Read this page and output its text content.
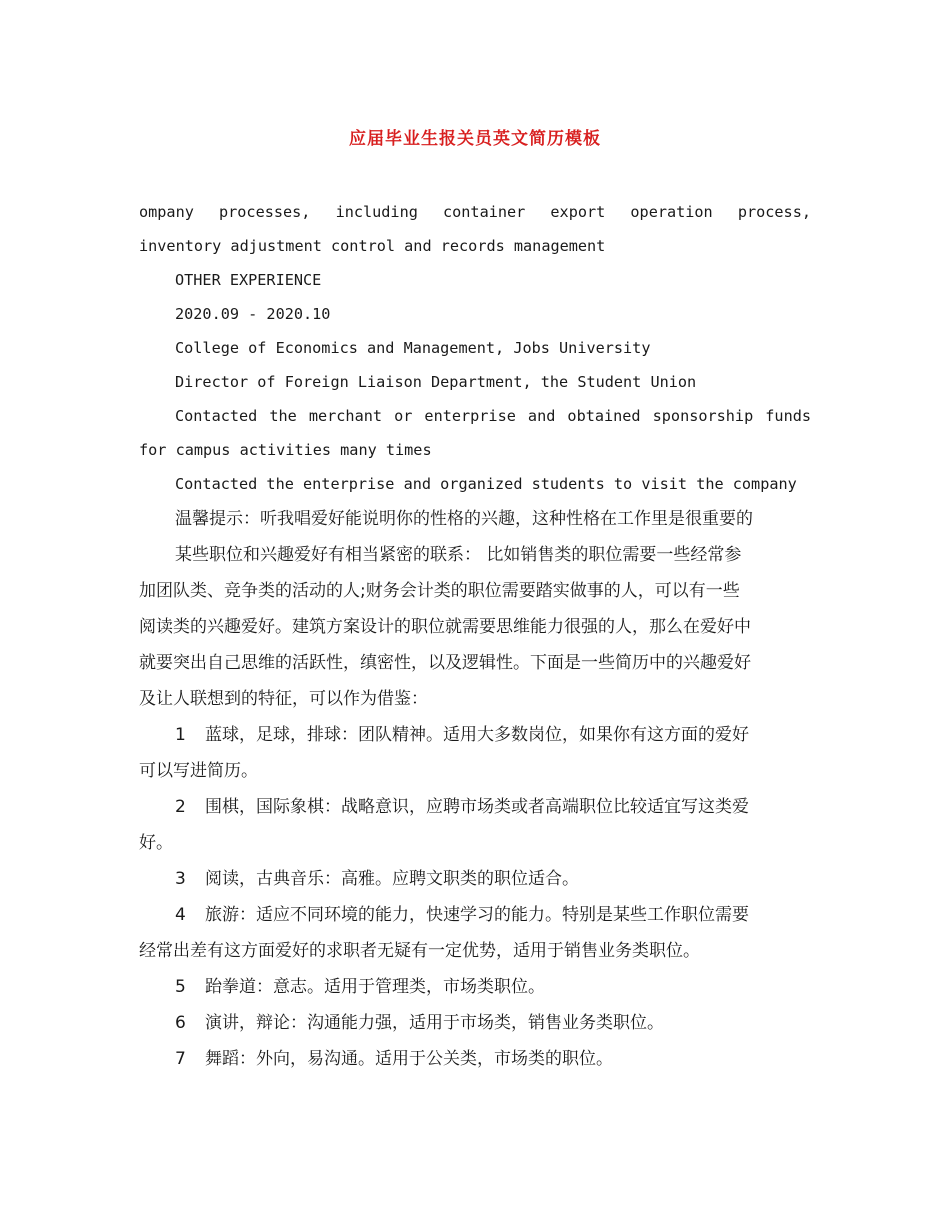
应届毕业生报关员英文简历模板

ompany processes, including container export operation process,

inventory adjustment control and records management

OTHER EXPERIENCE

2020.09 - 2020.10

College of Economics and Management, Jobs University

Director of Foreign Liaison Department, the Student Union

Contacted the merchant or enterprise and obtained sponsorship funds

for campus activities many times

Contacted the enterprise and organized students to visit the company

温馨提示：听我唱爱好能说明你的性格的兴趣，这种性格在工作里是很重要的

某些职位和兴趣爱好有相当紧密的联系： 比如销售类的职位需要一些经常参

加团队类、竞争类的活动的人;财务会计类的职位需要踏实做事的人，可以有一些

阅读类的兴趣爱好。建筑方案设计的职位就需要思维能力很强的人，那么在爱好中

就要突出自己思维的活跃性，缜密性，以及逻辑性。下面是一些简历中的兴趣爱好

及让人联想到的特征，可以作为借鉴：

1 蓝球，足球，排球：团队精神。适用大多数岗位，如果你有这方面的爱好

可以写进简历。

2 围棋，国际象棋：战略意识，应聘市场类或者高端职位比较适宜写这类爱

好。

3 阅读，古典音乐：高雅。应聘文职类的职位适合。

4 旅游：适应不同环境的能力，快速学习的能力。特别是某些工作职位需要

经常出差有这方面爱好的求职者无疑有一定优势，适用于销售业务类职位。

5 跆拳道：意志。适用于管理类，市场类职位。

6 演讲，辩论：沟通能力强，适用于市场类，销售业务类职位。

7 舞蹈：外向，易沟通。适用于公关类，市场类的职位。
